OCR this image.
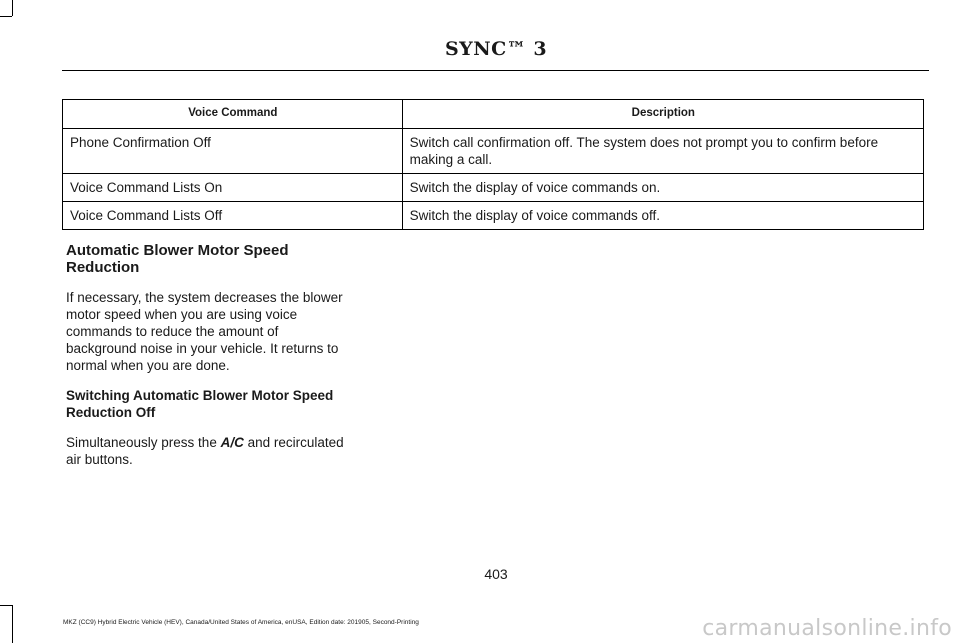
SYNC™ 3
Voice Command	Description
Phone Confirmation Off	Switch call confirmation off. The system does not prompt you to confirm before making a call.
Voice Command Lists On	Switch the display of voice commands on.
Voice Command Lists Off	Switch the display of voice commands off.
Automatic Blower Motor Speed Reduction

If necessary, the system decreases the blower motor speed when you are using voice commands to reduce the amount of background noise in your vehicle. It returns to normal when you are done.

Switching Automatic Blower Motor Speed Reduction Off

Simultaneously press the A/C and recirculated air buttons.

403
MKZ (CC9) Hybrid Electric Vehicle (HEV), Canada/United States of America, enUSA, Edition date: 201905, Second-Printing	carmanualsonline.info
